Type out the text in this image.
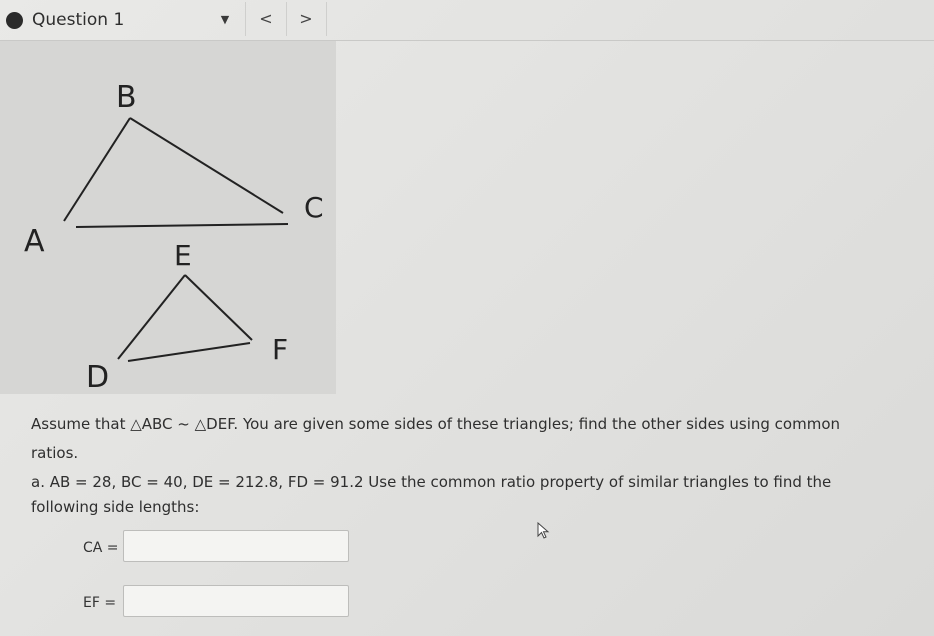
Question 1	▼	<	>
A
B
C
D
E
F
Assume that △ABC ~ △DEF. You are given some sides of these triangles; find the other sides using common
ratios.
a. AB = 28, BC = 40, DE = 212.8, FD = 91.2 Use the common ratio property of similar triangles to find the
following side lengths:
CA =
EF =
